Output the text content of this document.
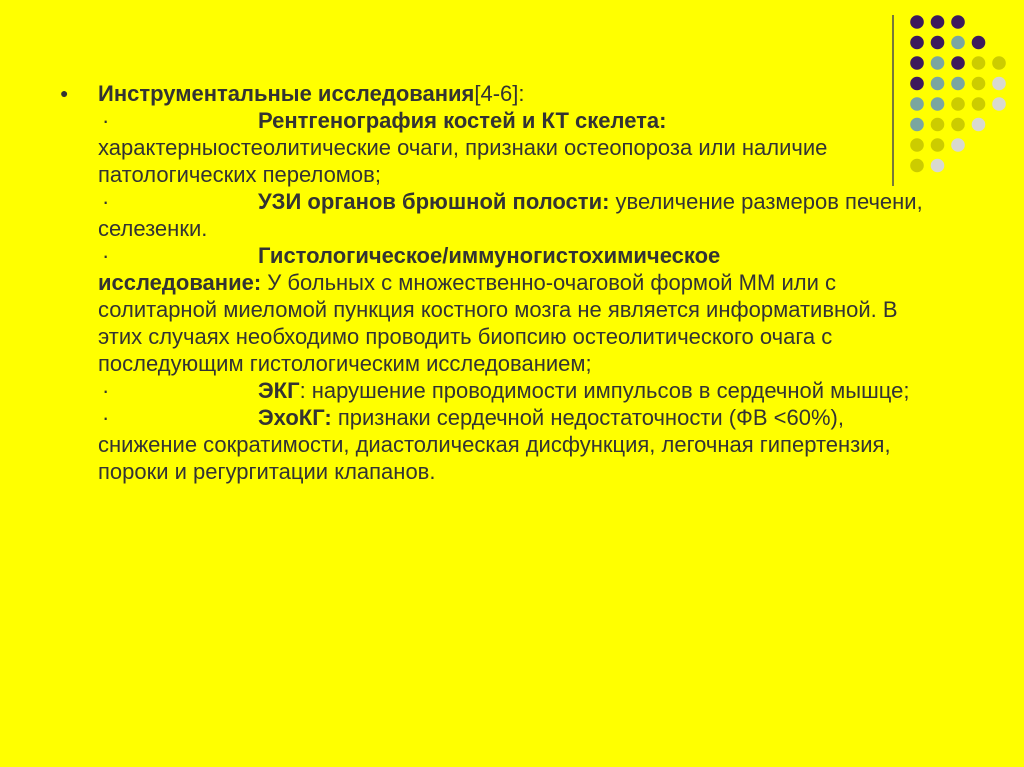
● Инструментальные исследования[4-6]:
·	Рентгенография костей и КТ скелета: характерныостеолитические очаги, признаки остеопороза или наличие патологических переломов;
·	УЗИ органов брюшной полости: увеличение размеров печени, селезенки.
·	Гистологическое/иммуногистохимическое
исследование: У больных с множественно-очаговой формой ММ или с солитарной миеломой пункция костного мозга не является информативной. В этих случаях необходимо проводить биопсию остеолитического очага с последующим гистологическим исследованием;
·	ЭКГ: нарушение проводимости импульсов в сердечной мышце;
·	ЭхоКГ: признаки сердечной недостаточности (ФВ <60%), снижение сократимости, диастолическая дисфункция, легочная гипертензия, пороки и регургитации клапанов.
